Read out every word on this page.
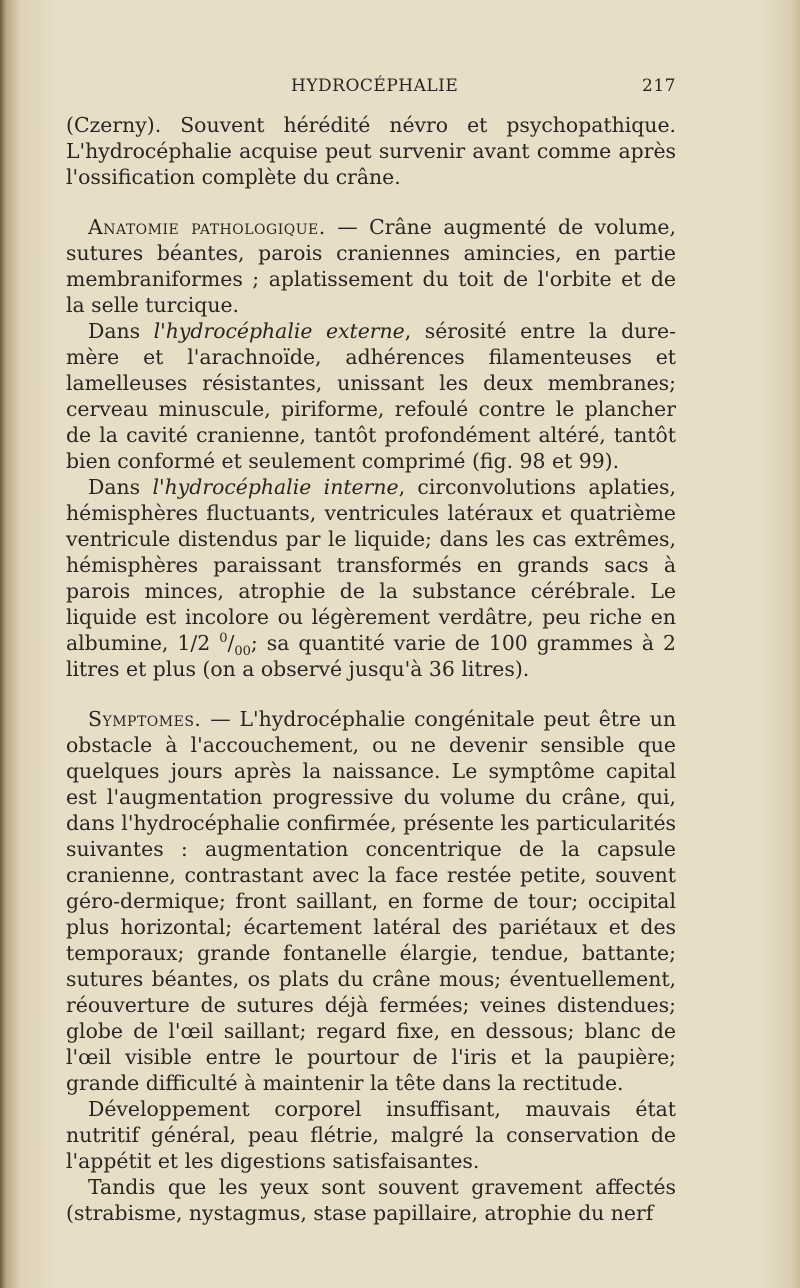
HYDROCÉPHALIE	217

(Czerny). Souvent hérédité névro et psychopathique. L'hydrocéphalie acquise peut survenir avant comme après l'ossification complète du crâne.

Anatomie pathologique. — Crâne augmenté de volume, sutures béantes, parois craniennes amincies, en partie membraniformes ; aplatissement du toit de l'orbite et de la selle turcique.

Dans l'hydrocéphalie externe, sérosité entre la dure-mère et l'arachnoïde, adhérences filamenteuses et lamelleuses résistantes, unissant les deux membranes; cerveau minuscule, piriforme, refoulé contre le plancher de la cavité cranienne, tantôt profondément altéré, tantôt bien conformé et seulement comprimé (fig. 98 et 99).

Dans l'hydrocéphalie interne, circonvolutions aplaties, hémisphères fluctuants, ventricules latéraux et quatrième ventricule distendus par le liquide; dans les cas extrêmes, hémisphères paraissant transformés en grands sacs à parois minces, atrophie de la substance cérébrale. Le liquide est incolore ou légèrement verdâtre, peu riche en albumine, 1/2 $^0/_{00}$; sa quantité varie de 100 grammes à 2 litres et plus (on a observé jusqu'à 36 litres).

Symptomes. — L'hydrocéphalie congénitale peut être un obstacle à l'accouchement, ou ne devenir sensible que quelques jours après la naissance. Le symptôme capital est l'augmentation progressive du volume du crâne, qui, dans l'hydrocéphalie confirmée, présente les particularités suivantes : augmentation concentrique de la capsule cranienne, contrastant avec la face restée petite, souvent géro-dermique; front saillant, en forme de tour; occipital plus horizontal; écartement latéral des pariétaux et des temporaux; grande fontanelle élargie, tendue, battante; sutures béantes, os plats du crâne mous; éventuellement, réouverture de sutures déjà fermées; veines distendues; globe de l'œil saillant; regard fixe, en dessous; blanc de l'œil visible entre le pourtour de l'iris et la paupière; grande difficulté à maintenir la tête dans la rectitude.

Développement corporel insuffisant, mauvais état nutritif général, peau flétrie, malgré la conservation de l'appétit et les digestions satisfaisantes.

Tandis que les yeux sont souvent gravement affectés (strabisme, nystagmus, stase papillaire, atrophie du nerf
